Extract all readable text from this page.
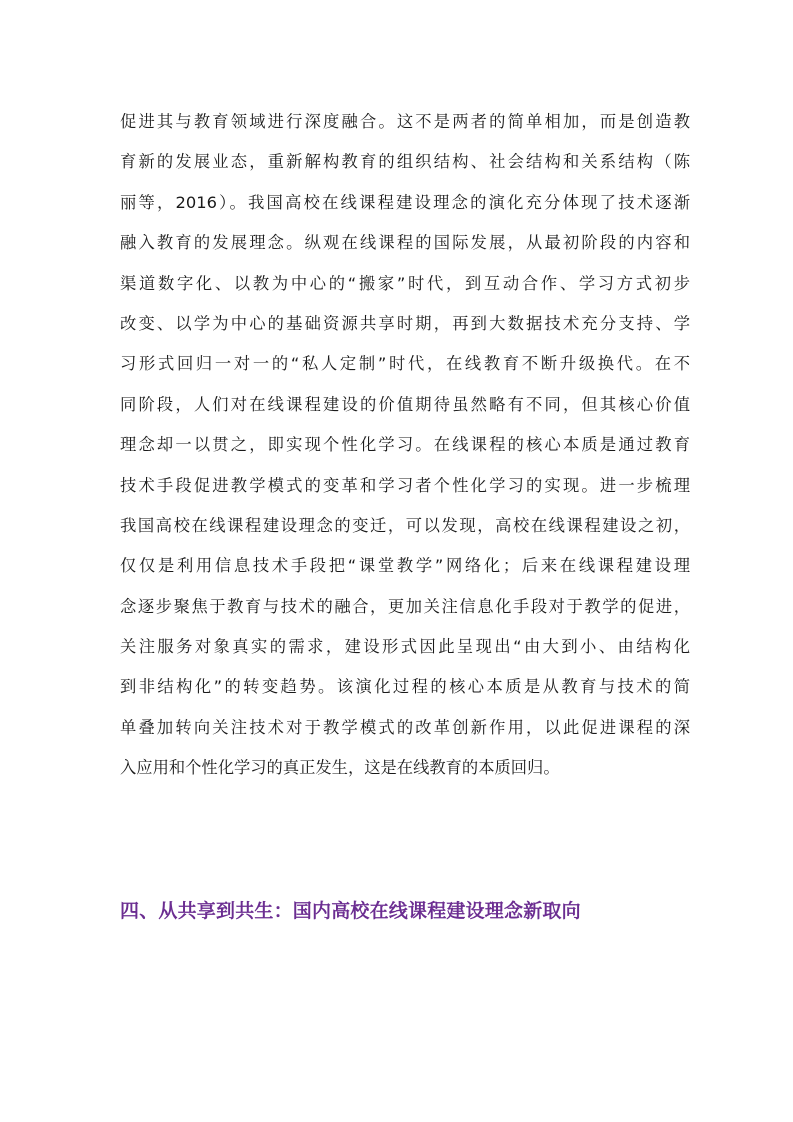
促进其与教育领域进行深度融合。这不是两者的简单相加，而是创造教
育新的发展业态，重新解构教育的组织结构、社会结构和关系结构（陈
丽等，2016）。我国高校在线课程建设理念的演化充分体现了技术逐渐
融入教育的发展理念。纵观在线课程的国际发展，从最初阶段的内容和
渠道数字化、以教为中心的“搬家”时代，到互动合作、学习方式初步
改变、以学为中心的基础资源共享时期，再到大数据技术充分支持、学
习形式回归一对一的“私人定制”时代，在线教育不断升级换代。在不
同阶段，人们对在线课程建设的价值期待虽然略有不同，但其核心价值
理念却一以贯之，即实现个性化学习。在线课程的核心本质是通过教育
技术手段促进教学模式的变革和学习者个性化学习的实现。进一步梳理
我国高校在线课程建设理念的变迁，可以发现，高校在线课程建设之初，
仅仅是利用信息技术手段把“课堂教学”网络化；后来在线课程建设理
念逐步聚焦于教育与技术的融合，更加关注信息化手段对于教学的促进，
关注服务对象真实的需求，建设形式因此呈现出“由大到小、由结构化
到非结构化”的转变趋势。该演化过程的核心本质是从教育与技术的简
单叠加转向关注技术对于教学模式的改革创新作用，以此促进课程的深
入应用和个性化学习的真正发生，这是在线教育的本质回归。
四、从共享到共生：国内高校在线课程建设理念新取向
